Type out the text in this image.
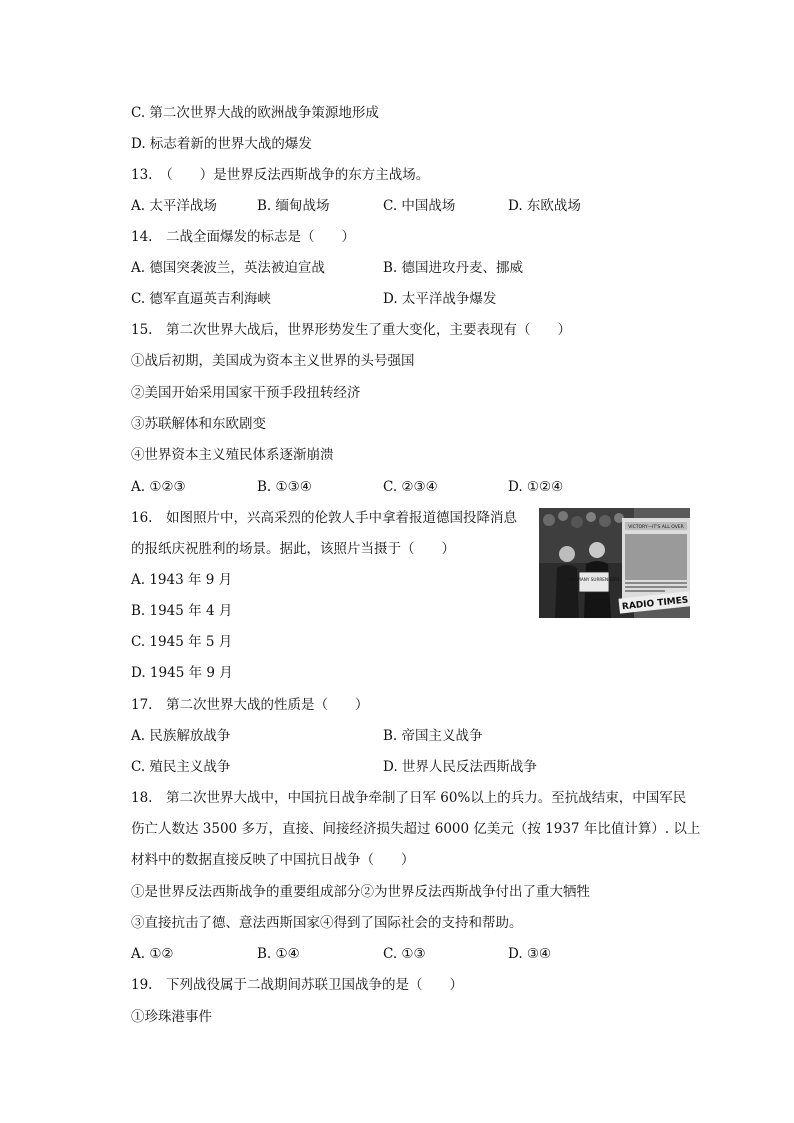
C. 第二次世界大战的欧洲战争策源地形成
D. 标志着新的世界大战的爆发
13.　（　　）是世界反法西斯战争的东方主战场。
A. 太平洋战场	B. 缅甸战场	C. 中国战场	D. 东欧战场
14.　二战全面爆发的标志是（　　）
A. 德国突袭波兰，英法被迫宣战	B. 德国进攻丹麦、挪威
C. 德军直逼英吉利海峡	D. 太平洋战争爆发
15.　第二次世界大战后，世界形势发生了重大变化，主要表现有（　　）
①战后初期，美国成为资本主义世界的头号强国
②美国开始采用国家干预手段扭转经济
③苏联解体和东欧剧变
④世界资本主义殖民体系逐渐崩溃
A. ①②③	B. ①③④	C. ②③④	D. ①②④
16.　如图照片中，兴高采烈的伦敦人手中拿着报道德国投降消息
的报纸庆祝胜利的场景。据此，该照片当摄于（　　）
A. 1943 年 9 月
B. 1945 年 4 月
C. 1945 年 5 月
D. 1945 年 9 月
GERMANY SURRENDERS
VICTORY—IT'S ALL OVER
RADIO TIMES
17.　第二次世界大战的性质是（　　）
A. 民族解放战争	B. 帝国主义战争
C. 殖民主义战争	D. 世界人民反法西斯战争
18.　第二次世界大战中，中国抗日战争牵制了日军 60%以上的兵力。至抗战结束，中国军民
伤亡人数达 3500 多万，直接、间接经济损失超过 6000 亿美元（按 1937 年比值计算）. 以上
材料中的数据直接反映了中国抗日战争（　　）
①是世界反法西斯战争的重要组成部分②为世界反法西斯战争付出了重大牺牲
③直接抗击了德、意法西斯国家④得到了国际社会的支持和帮助。
A. ①②	B. ①④	C. ①③	D. ③④
19.　下列战役属于二战期间苏联卫国战争的是（　　）
①珍珠港事件
